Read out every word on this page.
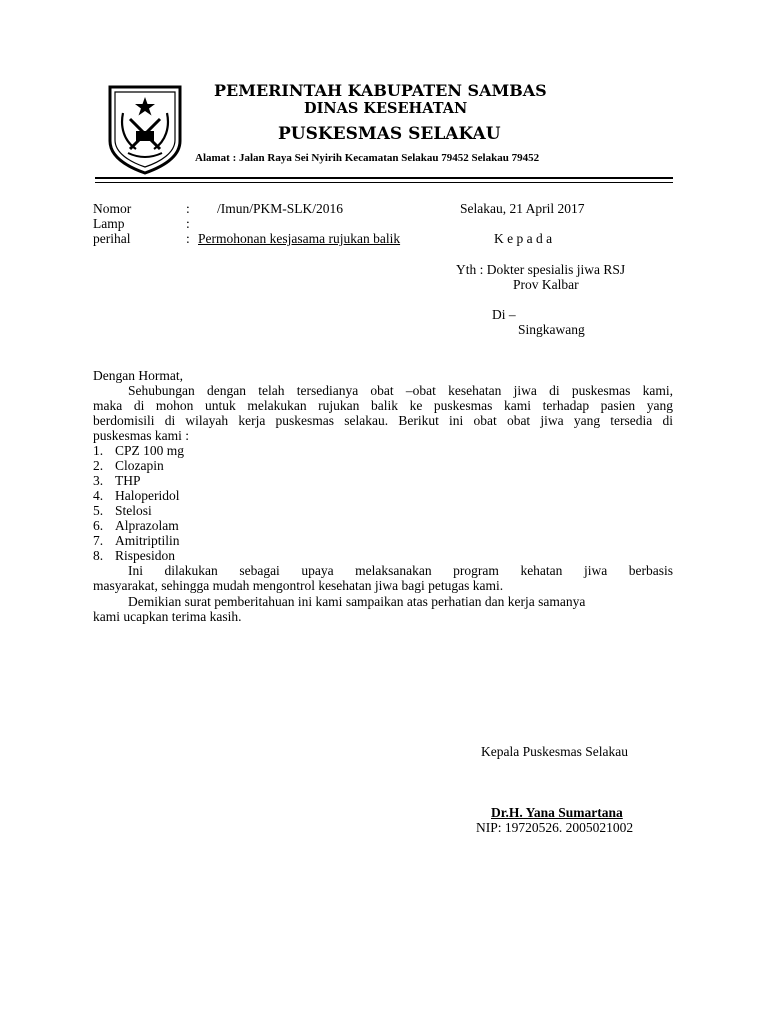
PEMERINTAH KABUPATEN SAMBAS
DINAS KESEHATAN
PUSKESMAS SELAKAU
Alamat : Jalan Raya Sei Nyirih Kecamatan Selakau 79452 Selakau 79452
Nomor	: /Imun/PKM-SLK/2016	Selakau, 21 April 2017
Lamp	:
perihal	: Permohonan kesjasama rujukan balik	K e p a d a
Yth : Dokter spesialis jiwa RSJ
Prov Kalbar
Di –
Singkawang
Dengan Hormat,
Sehubungan dengan telah tersedianya obat –obat kesehatan jiwa di puskesmas kami,
maka di mohon untuk melakukan rujukan balik ke puskesmas kami terhadap pasien yang
berdomisili di wilayah kerja puskesmas selakau. Berikut ini obat obat jiwa yang tersedia di
puskesmas kami :
1. CPZ 100 mg
2. Clozapin
3. THP
4. Haloperidol
5. Stelosi
6. Alprazolam
7. Amitriptilin
8. Rispesidon
Ini dilakukan sebagai upaya melaksanakan program kehatan jiwa berbasis
masyarakat, sehingga mudah mengontrol kesehatan jiwa bagi petugas kami.
Demikian surat pemberitahuan ini kami sampaikan atas perhatian dan kerja samanya
kami ucapkan terima kasih.
Kepala Puskesmas Selakau
Dr.H. Yana Sumartana
NIP: 19720526. 2005021002
